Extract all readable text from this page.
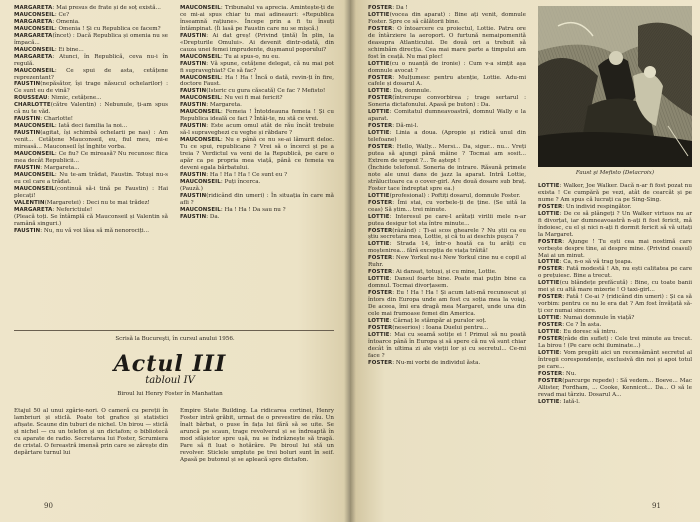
MARGARETA: Mai presus de frate și de soț există...

MAUCONSEIL: Ce?

MARGARETA: Omenia.

MAUCONSEIL: Omenia ! Și cu Republica ce facem?

MARGARETA(încet) : Dacă Republica și omenia nu se împacă...

MAUCONSEIL: Ei bine...

MARGARETA: Atunci, în Republică, ceva nu-i în regulă.

MAUCONSEIL: Ce spui de asta, cetățene reprezentant?

FAUSTIN(nepăsător, își trage năsucul ochelarilor) : Ce sunt eu de vină?

ROUSSEAU: Nimic, cetățene...

CHARLOTTE(către Valentin) : Nebunule, ți-am spus că nu te văd.

FAUSTIN: Charlotte!

MAUCONSEIL: Iată deci familia la noi...

FAUSTIN(agitat, își schimbă ochelarii pe nas) : Am venit... Cetățene Mauconseil, eu, fiul meu, mi-e mireasă... Mauconseil își înghite vorba.

MAUCONSEIL: Ce fiu? Ce mireasă? Nu recunosc fiica mea decât Republicii...

FAUSTIN: Margareta...

MAUCONSEIL: Nu te-am trădat, Faustin. Totuși nu-s eu cel care a trădat.

MAUCONSEIL(continuă să-i tină pe Faustin) : Hai plecați!

VALENTIN(Margaretei) : Deci nu te mai trădez!

MARGARETA: Neferictiule!

(Pleacă toți. Se întâmplă că Mauconseil și Valentin să ramână singuri.)

FAUSTIN: Nu, nu vă voi lăsa să mă nenorociți...

MAUCONSEIL: Tribunalul va aprecia. Amintește-ți de ce mi-ai spus chiar tu mai adineauri: «Republica înseamnă rațiune». Începe prin a fi tu însuți întâmpinat. (Îi lasă pe Faustin care nu se mișcă.)

FAUSTIN: Ai dat greș! (Privind țintă) În plin, la «Drepturile Omului». Ai devenit dintr-odată, din cauza unei femei imprudente, dușmanul poporului?

MAUCONSEIL: Tu ai spus-o, nu eu.

FAUSTIN: Vă spune, cetățene delegat, că nu mai pot fi supraveghiat? Ce să fac?

MAUCONSEIL: Ha ! Ha ! Încă o dată, revin-ți în fire, doctore Faust.

FAUSTIN(Isteric cu gura căscată) Ce fac ? Mefisto!

MAUCONSEIL: Nu vei fi mai fericit?

FAUSTIN: Margareta.

MAUCONSEIL: Femeia ! Întotdeauna femeia ! Și cu Republica ideală ce faci ? Întâi-te, nu stă ce vrei.

FAUSTIN: Este acum omul atât de rău încât trebuie să-l supraveghezi cu veghe și răbdare ?

MAUCONSEIL: Nu e până ce nu se-ai lămurit deloc. Tu ce spui, republicane ? Vrei să o încerci și pe a treia ? Verdictul va veni de la Republică, pe care o apăr ca pe propria mea viață, până ce femeia va deveni egala bărbatului.

FAUSTIN: Ha ! Ha ! Ha ! Ce sunt eu ?

MAUCONSEIL: Puți încerca.

(Pauză.)

FAUSTIN(ridicând din umeri) : În situația în care mă afli ?

MAUCONSEIL: Ha ! Ha ! Da sau nu ?

FAUSTIN: Da.

Scrisă la Bucureşti, în cursul anului 1956.
Actul III
tabloul IV
Biroul lui Henry Foster în Manhattan
Etajul 50 al unui zgârie-nori. O cameră cu pereții în lambriuri și sticlă. Poate tot grafice și statistici afișate. Scaune din tuburi de nichel. Un birou — sticlă și nichel — cu un telefon și un dictafon; o bibliotecă cu aparate de radio. Secretarea lui Foster, Scrumiera de cristal. O fereastră imensă prin care se zărește din depărtare turnul lui
Empire State Building. La ridicarea cortinei, Henry Foster intră grăbit, urmat de o prevestire de rău. Un înalt bărbat, o puse în fața lui fără să se uite. Se aruncă pe scaun, trage revolverul și se îndreaptă în mod sfâșietor spre ușă, nu se îndrăznește să tragă. Pare să fi luat o hotărâre. Pe biroul lui stă un revolver. Sticlele umplute pe trei boluri sunt în seif. Apasă pe butonul și se apleacă spre dictafon.
90

FOSTER: Da !

LOTTIE(vocea din aparat) : Bine ați venit, domnule Foster. Spre ce să călătorii bine.

FOSTER: O întoarcere cu proiectul, Lottie. Patru ore de întârziere la aeroport. O furtună nemaipomenită deasupra Atlanticului. De două ori a trebuit să schimbăm direcția. Cea mai mare parte a timpului am fost în ceață. Nu mai plec!

LOTTIE(cu o nuanță de ironie) : Cum v-a simțit așa domnule avocat ?

FOSTER: Mulțumesc pentru atenție, Lottie. Adu-mi cafele și dosarul A.

LOTTIE: Da, domnule.

FOSTER(întrerupe convorbirea ; trage sertarul : Soneria dictafonului. Apasă pe buton) : Da.

LOTTIE: Comitatul dumneavoastră, domnul Wally e la aparat.

FOSTER: Dă-mi-l.

LOTTIE: Linia a doua. (Apropie și ridică unul din telefoane)

FOSTER: Hello, Wally... Mersi... Da, sigur... nu... Vreți putea să ajungi până mâine ? Tocmai am sosit... Extrem de urgent ?... Te aștept !

(Închide telefonul. Soneria de intrare. Răsună primele note ale unui dans de jazz la aparat. Intră Lottie, strălucitoare ca o cover-girl. Are două dosare sub braț. Foster tace îndreptat spre ea.)

LOTTIE(profesional) : Poftiți dosarul, domnule Foster.

FOSTER: Îmi stai, cu vorbele-ți de ține. (Se uită la ceas) Să știm... trei minute.

LOTTIE: Interesul pe care-l arătați virilii mele n-ar putea desigur tot sta între minute...

FOSTER(râzând) : Ți-ai scos ghearele ? Nu știi ca eu știu secretara mea, Lottie, și că tu ai deschis pușca ?

LOTTIE: Strada 14, într-o hoată ca tu arăți cu moștenirea... fără excepția de viața trăită!

FOSTER: New Yorkul nu-i New Yorkul cine nu e copil al Ruhr.

FOSTER: Ai dansat, totuși, și cu mine, Lottie.

LOTTIE: Dansul foarte bine. Poate mai puțin bine ca domnul. Tocmai divorțasem.

FOSTER: Eu ! Ha ! Ha ! Și acum lati-mă recunoscut și întors din Europa unde am fost cu soția mea la voiaj. De aceea, îmi era dragă mea Margaret, unde una din cele mai frumoase femei din America.

LOTTIE: Cârnaț le stămpăr ai puralor soț.

FOSTER(neserios) : Ioana Duelui pentru...

LOTTIE: Mai cu seamă sotițe ei ! Primul să nu poată întoarce până în Europa și să spere că nu vă sunt chiar decât în ultima zi ale vieții lor și cu secretul... Ce-mi face ?

FOSTER: Nu-mi vorbi de individul ăsta.

Faust şi Mefisto (Delacroix)

LOTTIE: Walker, Joe Walker. Dacă n-ar fi fost pozat nu exista ! Ce cumpără pe vezi, atât de cearcăt și pe nume ? Am spus că lucrați ca pe Sing-Sing.

FOSTER: Un individ respingător.

LOTTIE: De ce să plângeți ? Un Walker virtuos nu ar fi divorțat, iar dumneavoastră n-ați fi fost fericit, mă îndoiesc, cu el și nici n-ați fi dormit fericit să vă uitați la Margaret.

FOSTER: Ajunge ! Tu ești cea mai nostimă care vorbește despre tine, ai despre mine. (Privind ceasul) Mai ai un minut.

LOTTIE: Ca, n-o să vă trag țeapa.

FOSTER: Fată modestă ! Ah, nu ești calitatea pe care o prețuiesc. Bine a trecut.

LOTTIE(cu blândețe prefăcută) : Bine, cu toate banii mei și cu altă mare mizerie ! O taxi-girl...

FOSTER: Fată ! Ce-ai ? (ridicând din umeri) : Și ca să vorbim: pentru ce nu le era dat ? Am fost învățată să-ți cer numai sincere.

LOTTIE: Numai domnule în viață?

FOSTER: Ce ? În asta.

LOTTIE: Eu doresc să intru.

FOSTER(râde din suflet) : Cele trei minute au trecut. La birou ! (Pe care ochi iluminate...)

LOTTIE: Vom pregăti aici un recensământ secretul al întregii corespondențe, exclusivă din noi și apoi totul pe care...

FOSTER: Nu.

FOSTER(parcurge repede) : Să vedem... Boeve... Mac Allister, Fordham, ... Cooke, Kennicot... Da... O să le revad mai târziu. Dosarul A...

LOTTIE: Iată-l.

91
